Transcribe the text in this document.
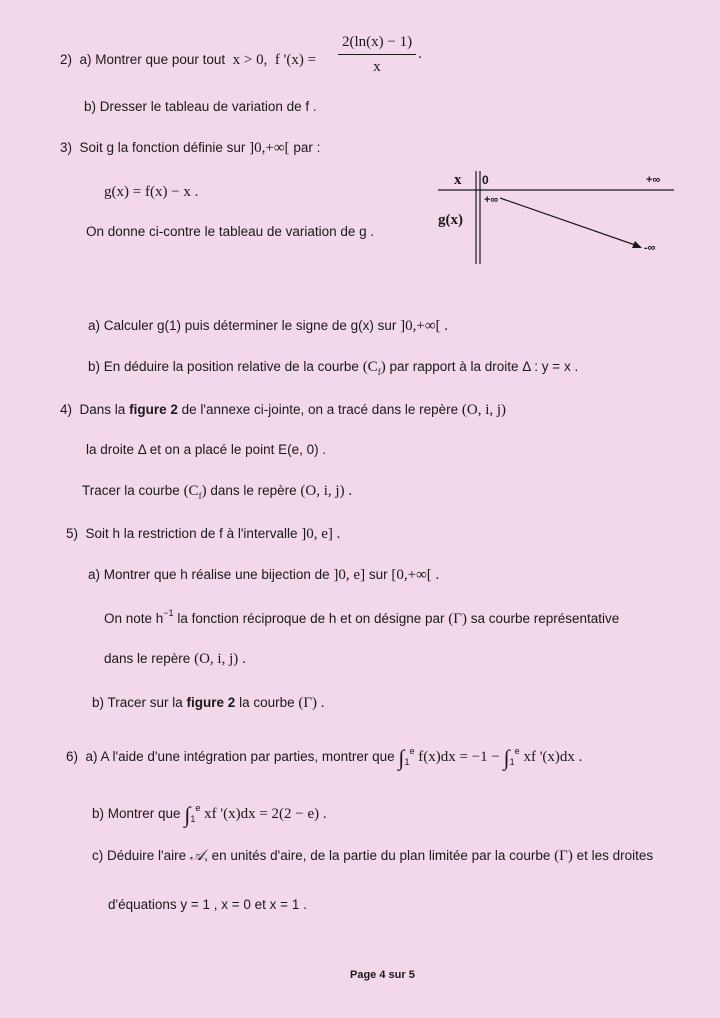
2) a) Montrer que pour tout x > 0, f '$(x) = \frac{2(\ln(x) - 1)}{x}$ .
b) Dresser le tableau de variation de f .
3) Soit g la fonction définie sur ]0,+∞[ par :
g(x) = f(x) − x .
On donne ci-contre le tableau de variation de g .
x 0	+∞
g(x)
+∞
-∞
a) Calculer g(1) puis déterminer le signe de g(x) sur ]0,+∞[ .
b) En déduire la position relative de la courbe $(C_f)$ par rapport à la droite Δ : y = x .
4) Dans la figure 2 de l'annexe ci-jointe, on a tracé dans le repère (O, i, j)
la droite Δ et on a placé le point E(e, 0) .
Tracer la courbe $(C_f)$ dans le repère (O, i, j) .
5) Soit h la restriction de f à l'intervalle ]0, e] .
a) Montrer que h réalise une bijection de ]0, e] sur [0,+∞[ .
On note $h^{-1}$ la fonction réciproque de h et on désigne par (Γ) sa courbe représentative
dans le repère (O, i, j) .
b) Tracer sur la figure 2 la courbe (Γ) .
6) a) A l'aide d'une intégration par parties, montrer que $\int_1^e$ $f(x)dx = -1 - \int_1^e$ xf '(x)dx .
b) Montrer que $\int_1^e$ xf '(x)dx = 2(2 − e) .
c) Déduire l'aire 𝒜, en unités d'aire, de la partie du plan limitée par la courbe (Γ) et les droites
d'équations y = 1 , x = 0 et x = 1 .
Page 4 sur 5
